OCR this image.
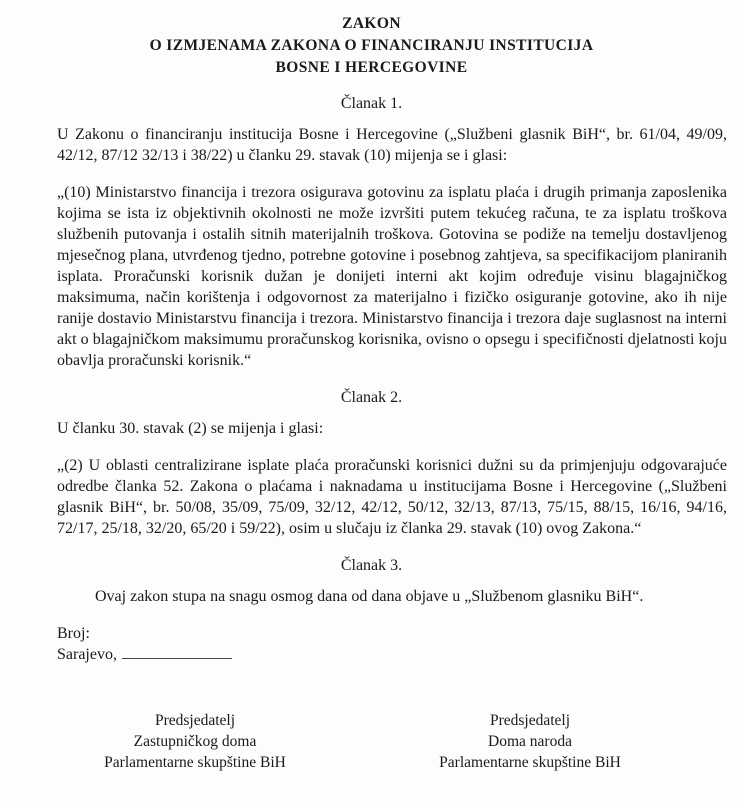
ZAKON
O IZMJENAMA ZAKONA O FINANCIRANJU INSTITUCIJA
BOSNE I HERCEGOVINE
Članak 1.

U Zakonu o financiranju institucija Bosne i Hercegovine („Službeni glasnik BiH“, br. 61/04, 49/09, 42/12, 87/12 32/13 i 38/22) u članku 29. stavak (10) mijenja se i glasi:

„(10) Ministarstvo financija i trezora osigurava gotovinu za isplatu plaća i drugih primanja zaposlenika kojima se ista iz objektivnih okolnosti ne može izvršiti putem tekućeg računa, te za isplatu troškova službenih putovanja i ostalih sitnih materijalnih troškova. Gotovina se podiže na temelju dostavljenog mjesečnog plana, utvrđenog tjedno, potrebne gotovine i posebnog zahtjeva, sa specifikacijom planiranih isplata. Proračunski korisnik dužan je donijeti interni akt kojim određuje visinu blagajničkog maksimuma, način korištenja i odgovornost za materijalno i fizičko osiguranje gotovine, ako ih nije ranije dostavio Ministarstvu financija i trezora. Ministarstvo financija i trezora daje suglasnost na interni akt o blagajničkom maksimumu proračunskog korisnika, ovisno o opsegu i specifičnosti djelatnosti koju obavlja proračunski korisnik.“

Članak 2.

U članku 30. stavak (2) se mijenja i glasi:

„(2) U oblasti centralizirane isplate plaća proračunski korisnici dužni su da primjenjuju odgovarajuće odredbe članka 52. Zakona o plaćama i naknadama u institucijama Bosne i Hercegovine („Službeni glasnik BiH“, br. 50/08, 35/09, 75/09, 32/12, 42/12, 50/12, 32/13, 87/13, 75/15, 88/15, 16/16, 94/16, 72/17, 25/18, 32/20, 65/20 i 59/22), osim u slučaju iz članka 29. stavak (10) ovog Zakona.“

Članak 3.

Ovaj zakon stupa na snagu osmog dana od dana objave u „Službenom glasniku BiH“.

Broj:
Sarajevo,
Predsjedatelj
Zastupničkog doma
Parlamentarne skupštine BiH
Predsjedatelj
Doma naroda
Parlamentarne skupštine BiH
